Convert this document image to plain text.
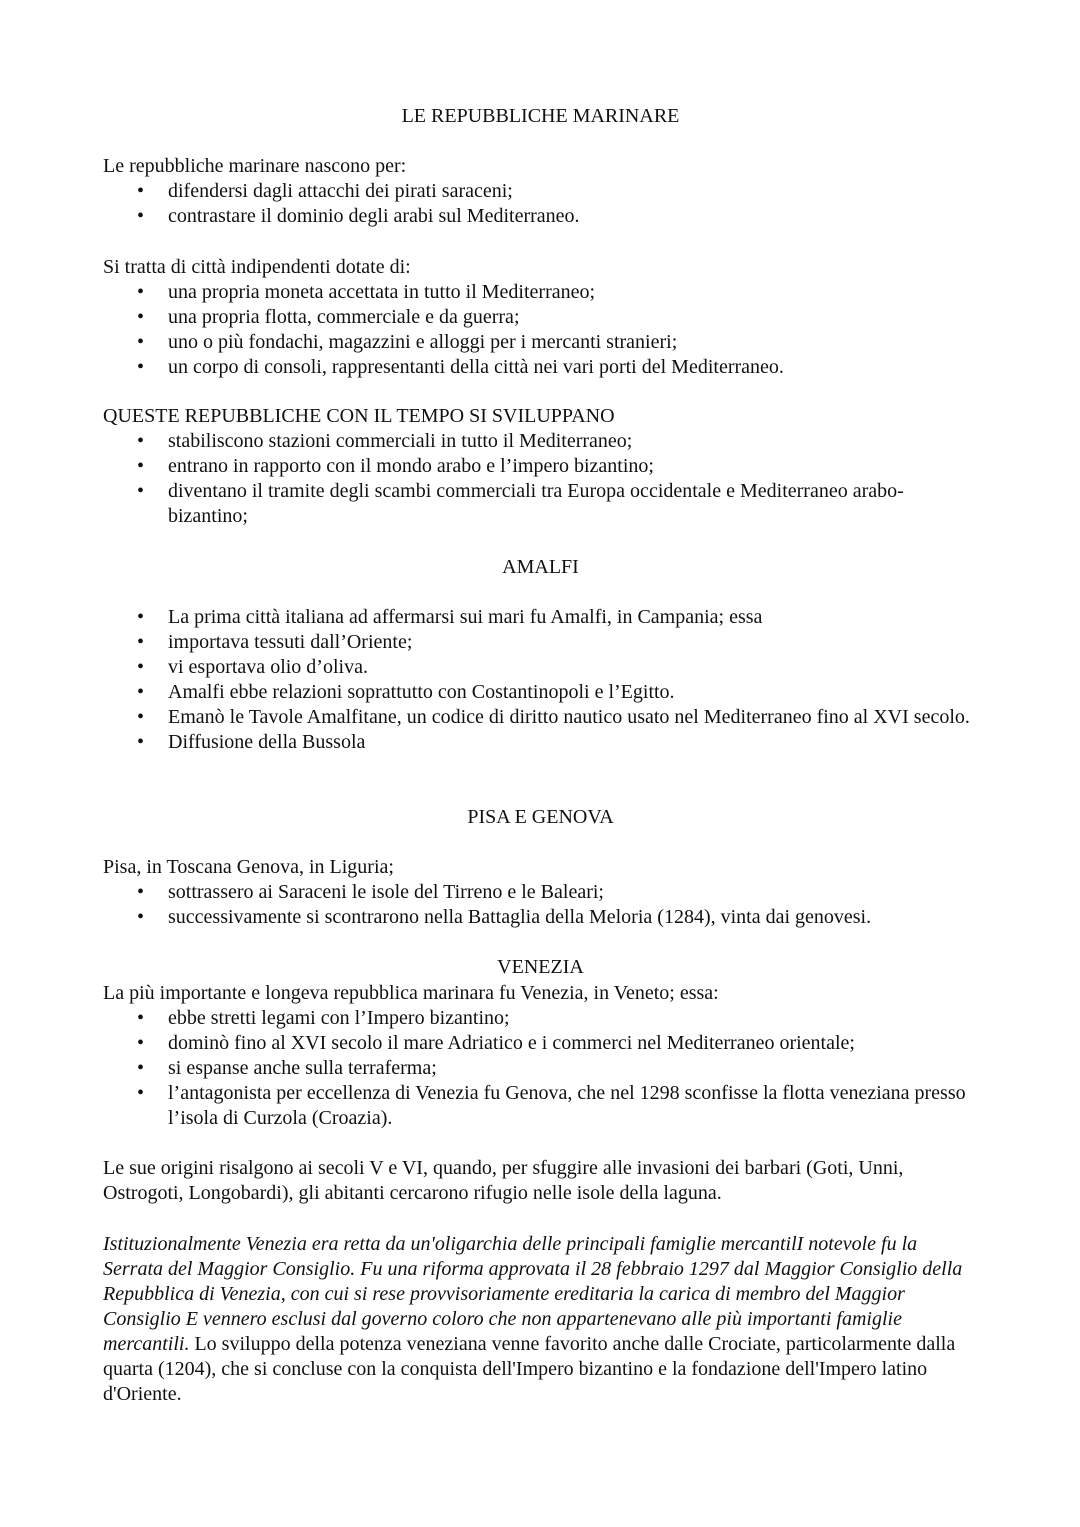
LE REPUBBLICHE MARINARE

Le repubbliche marinare nascono per:

• difendersi dagli attacchi dei pirati saraceni;
• contrastare il dominio degli arabi sul Mediterraneo.

Si tratta di città indipendenti dotate di:

• una propria moneta accettata in tutto il Mediterraneo;
• una propria flotta, commerciale e da guerra;
• uno o più fondachi, magazzini e alloggi per i mercanti stranieri;
• un corpo di consoli, rappresentanti della città nei vari porti del Mediterraneo.

QUESTE REPUBBLICHE CON IL TEMPO SI SVILUPPANO

• stabiliscono stazioni commerciali in tutto il Mediterraneo;
• entrano in rapporto con il mondo arabo e l’impero bizantino;
• diventano il tramite degli scambi commerciali tra Europa occidentale e Mediterraneo arabo-bizantino;
AMALFI
• La prima città italiana ad affermarsi sui mari fu Amalfi, in Campania; essa
• importava tessuti dall’Oriente;
• vi esportava olio d’oliva.
• Amalfi ebbe relazioni soprattutto con Costantinopoli e l’Egitto.
• Emanò le Tavole Amalfitane, un codice di diritto nautico usato nel Mediterraneo fino al XVI secolo.
• Diffusione della Bussola
PISA E GENOVA

Pisa, in Toscana Genova, in Liguria;

• sottrassero ai Saraceni le isole del Tirreno e le Baleari;
• successivamente si scontrarono nella Battaglia della Meloria (1284), vinta dai genovesi.
VENEZIA

La più importante e longeva repubblica marinara fu Venezia, in Veneto; essa:

• ebbe stretti legami con l’Impero bizantino;
• dominò fino al XVI secolo il mare Adriatico e i commerci nel Mediterraneo orientale;
• si espanse anche sulla terraferma;
• l’antagonista per eccellenza di Venezia fu Genova, che nel 1298 sconfisse la flotta veneziana presso l’isola di Curzola (Croazia).
Le sue origini risalgono ai secoli V e VI, quando, per sfuggire alle invasioni dei barbari (Goti, Unni, Ostrogoti, Longobardi), gli abitanti cercarono rifugio nelle isole della laguna.
Istituzionalmente Venezia era retta da un'oligarchia delle principali famiglie mercantilI notevole fu la Serrata del Maggior Consiglio. Fu una riforma approvata il 28 febbraio 1297 dal Maggior Consiglio della Repubblica di Venezia, con cui si rese provvisoriamente ereditaria la carica di membro del Maggior Consiglio E vennero esclusi dal governo coloro che non appartenevano alle più importanti famiglie mercantili. Lo sviluppo della potenza veneziana venne favorito anche dalle Crociate, particolarmente dalla quarta (1204), che si concluse con la conquista dell'Impero bizantino e la fondazione dell'Impero latino d'Oriente.
